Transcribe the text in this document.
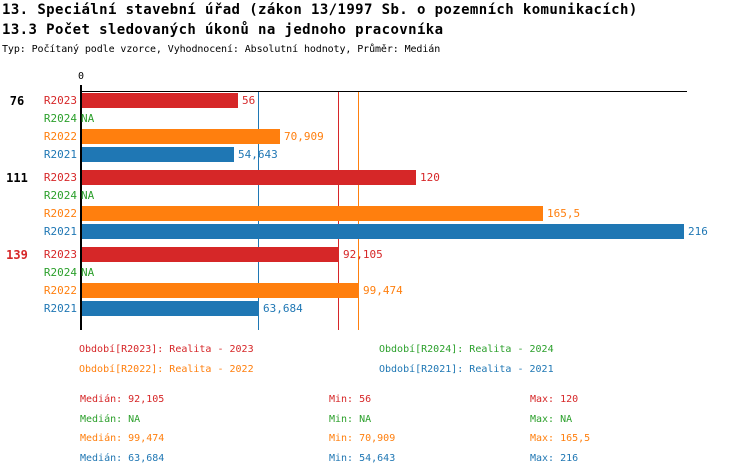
13. Speciální stavební úřad (zákon 13/1997 Sb. o pozemních komunikacích)
13.3 Počet sledovaných úkonů na jednoho pracovníka
Typ: Počítaný podle vzorce, Vyhodnocení: Absolutní hodnoty, Průměr: Medián
0
76
111
139
R2023	56
R2024 NA
R2022	70,909
R2021	54,643
R2023	120
R2024 NA
R2022	165,5
R2021	216
R2023	92,105
R2024 NA
R2022	99,474
R2021	63,684
Období[R2023]: Realita - 2023	Období[R2024]: Realita - 2024
Období[R2022]: Realita - 2022	Období[R2021]: Realita - 2021
Medián: 92,105	Min: 56	Max: 120
Medián: NA	Min: NA	Max: NA
Medián: 99,474	Min: 70,909	Max: 165,5
Medián: 63,684	Min: 54,643	Max: 216
